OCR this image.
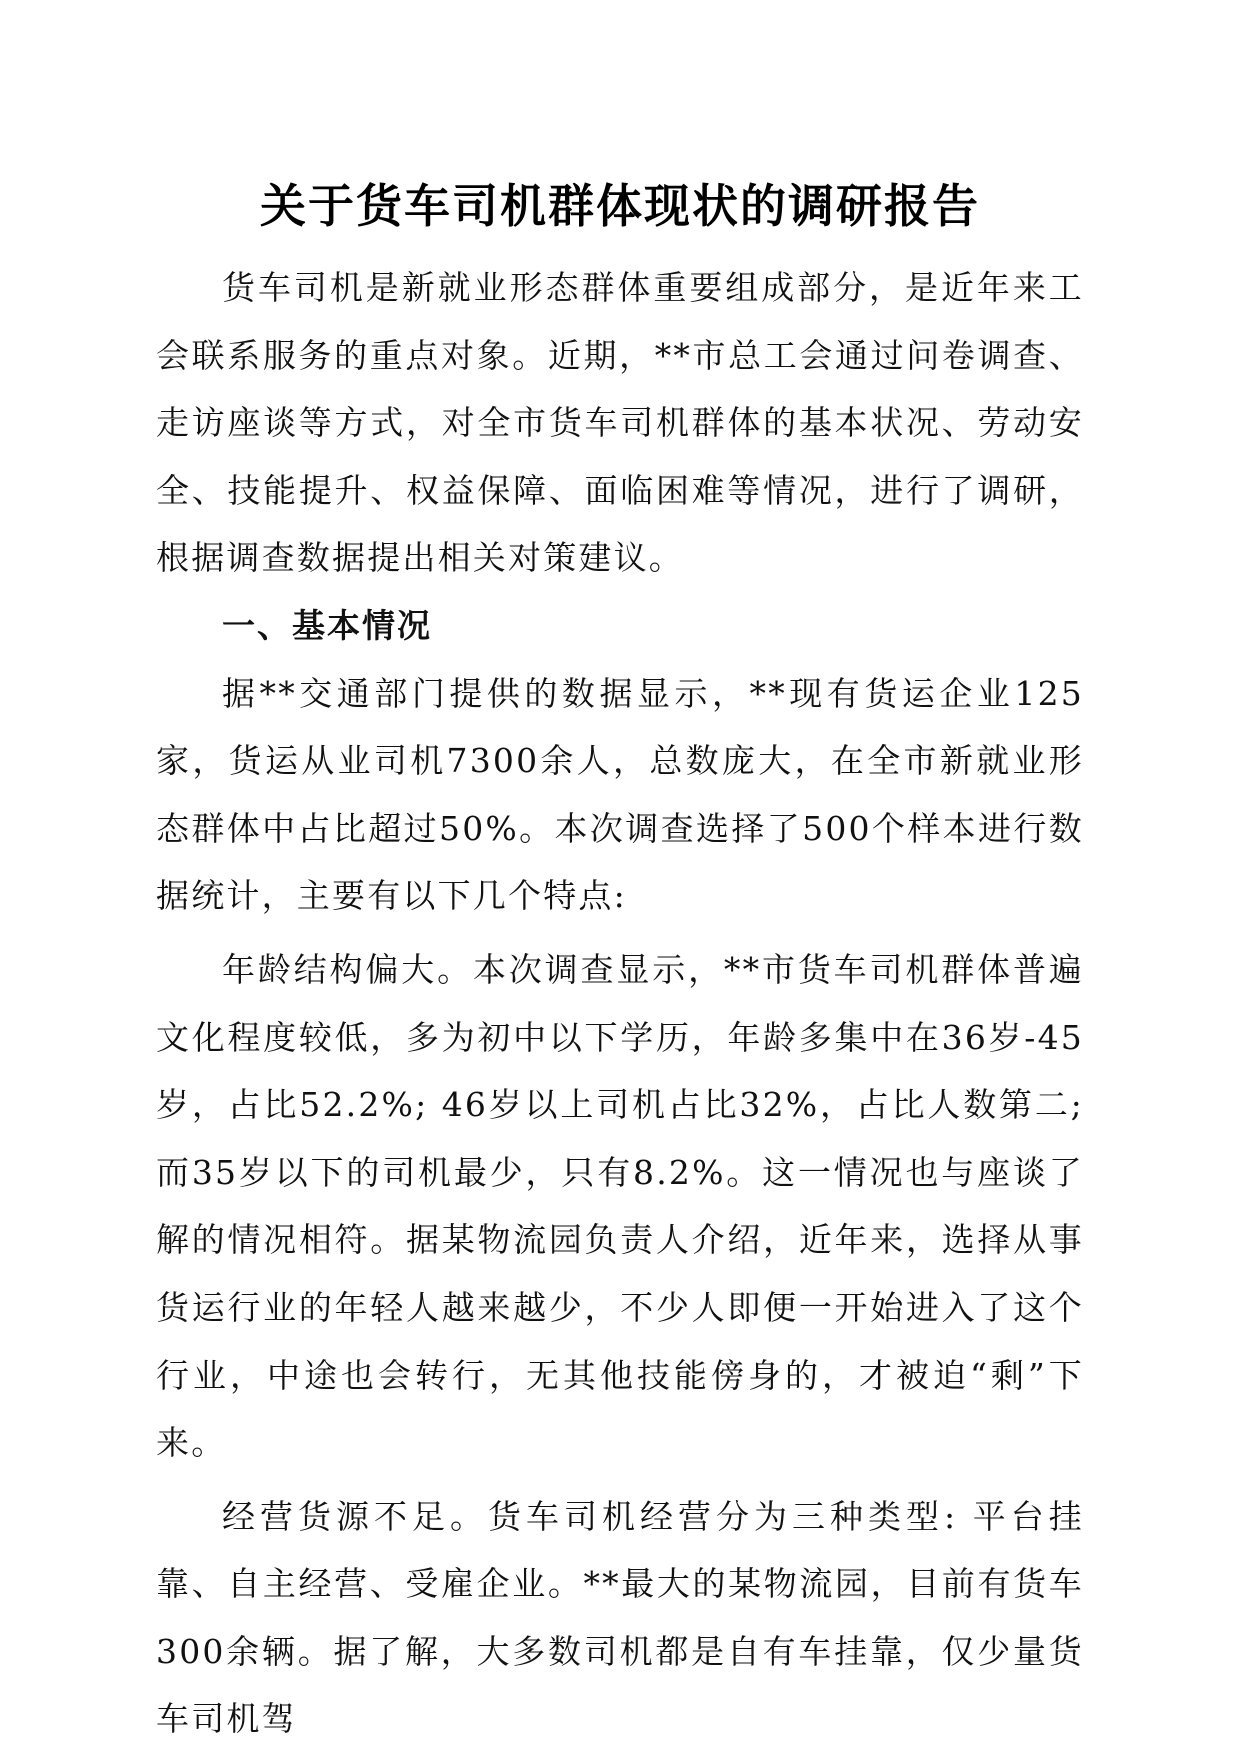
关于货车司机群体现状的调研报告

货车司机是新就业形态群体重要组成部分，是近年来工会联系服务的重点对象。近期，**市总工会通过问卷调查、走访座谈等方式，对全市货车司机群体的基本状况、劳动安全、技能提升、权益保障、面临困难等情况，进行了调研，根据调查数据提出相关对策建议。

一、基本情况

据**交通部门提供的数据显示，**现有货运企业125家，货运从业司机7300余人，总数庞大，在全市新就业形态群体中占比超过50%。本次调查选择了500个样本进行数据统计，主要有以下几个特点:

年龄结构偏大。本次调查显示，**市货车司机群体普遍文化程度较低，多为初中以下学历，年龄多集中在36岁-45岁，占比52.2%; 46岁以上司机占比32%，占比人数第二; 而35岁以下的司机最少，只有8.2%。这一情况也与座谈了解的情况相符。据某物流园负责人介绍，近年来，选择从事货运行业的年轻人越来越少，不少人即便一开始进入了这个行业，中途也会转行，无其他技能傍身的，才被迫“剩”下来。

经营货源不足。货车司机经营分为三种类型: 平台挂靠、自主经营、受雇企业。**最大的某物流园，目前有货车300余辆。据了解，大多数司机都是自有车挂靠，仅少量货车司机驾
